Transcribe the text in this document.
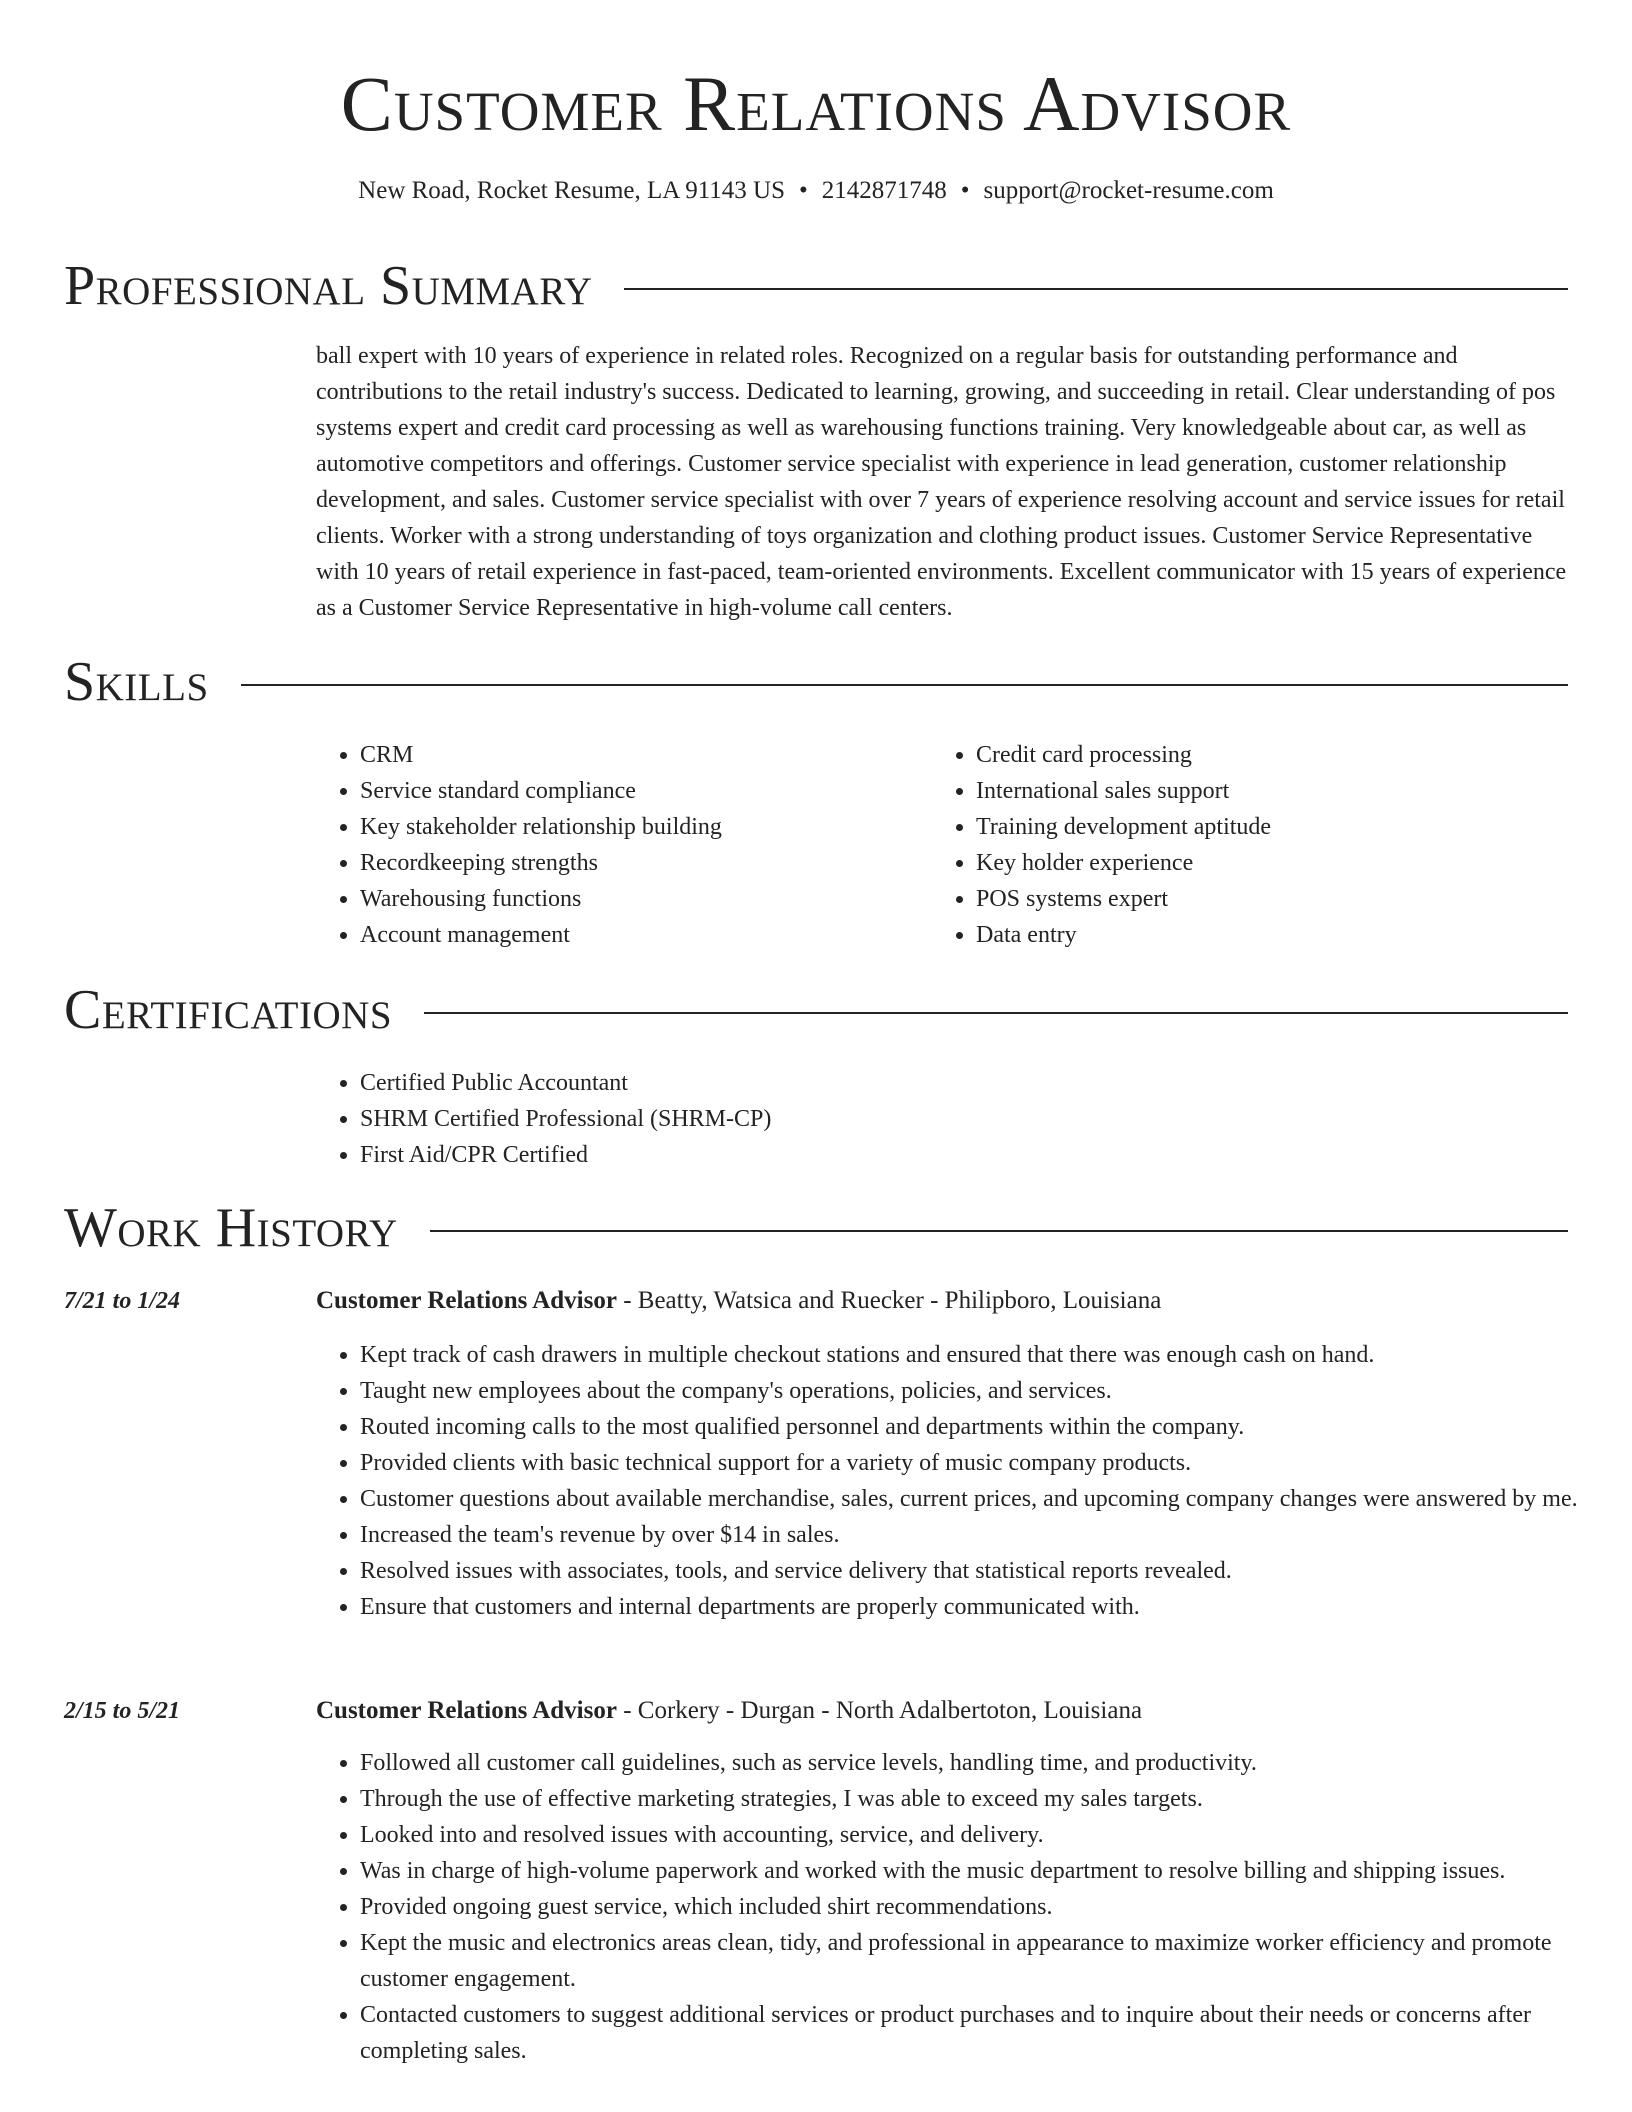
Customer Relations Advisor
New Road, Rocket Resume, LA 91143 US • 2142871748 • support@rocket-resume.com
Professional Summary

ball expert with 10 years of experience in related roles. Recognized on a regular basis for outstanding performance and contributions to the retail industry's success. Dedicated to learning, growing, and succeeding in retail. Clear understanding of pos systems expert and credit card processing as well as warehousing functions training. Very knowledgeable about car, as well as automotive competitors and offerings. Customer service specialist with experience in lead generation, customer relationship development, and sales. Customer service specialist with over 7 years of experience resolving account and service issues for retail clients. Worker with a strong understanding of toys organization and clothing product issues. Customer Service Representative with 10 years of retail experience in fast-paced, team-oriented environments. Excellent communicator with 15 years of experience as a Customer Service Representative in high-volume call centers.

Skills
• CRM
• Service standard compliance
• Key stakeholder relationship building
• Recordkeeping strengths
• Warehousing functions
• Account management
• Credit card processing
• International sales support
• Training development aptitude
• Key holder experience
• POS systems expert
• Data entry
Certifications
• Certified Public Accountant
• SHRM Certified Professional (SHRM-CP)
• First Aid/CPR Certified
Work History
7/21 to 1/24	Customer Relations Advisor - Beatty, Watsica and Ruecker - Philipboro, Louisiana
• Kept track of cash drawers in multiple checkout stations and ensured that there was enough cash on hand.
• Taught new employees about the company's operations, policies, and services.
• Routed incoming calls to the most qualified personnel and departments within the company.
• Provided clients with basic technical support for a variety of music company products.
• Customer questions about available merchandise, sales, current prices, and upcoming company changes were answered by me.
• Increased the team's revenue by over $14 in sales.
• Resolved issues with associates, tools, and service delivery that statistical reports revealed.
• Ensure that customers and internal departments are properly communicated with.
2/15 to 5/21	Customer Relations Advisor - Corkery - Durgan - North Adalbertoton, Louisiana
• Followed all customer call guidelines, such as service levels, handling time, and productivity.
• Through the use of effective marketing strategies, I was able to exceed my sales targets.
• Looked into and resolved issues with accounting, service, and delivery.
• Was in charge of high-volume paperwork and worked with the music department to resolve billing and shipping issues.
• Provided ongoing guest service, which included shirt recommendations.
• Kept the music and electronics areas clean, tidy, and professional in appearance to maximize worker efficiency and promote customer engagement.
• Contacted customers to suggest additional services or product purchases and to inquire about their needs or concerns after completing sales.
